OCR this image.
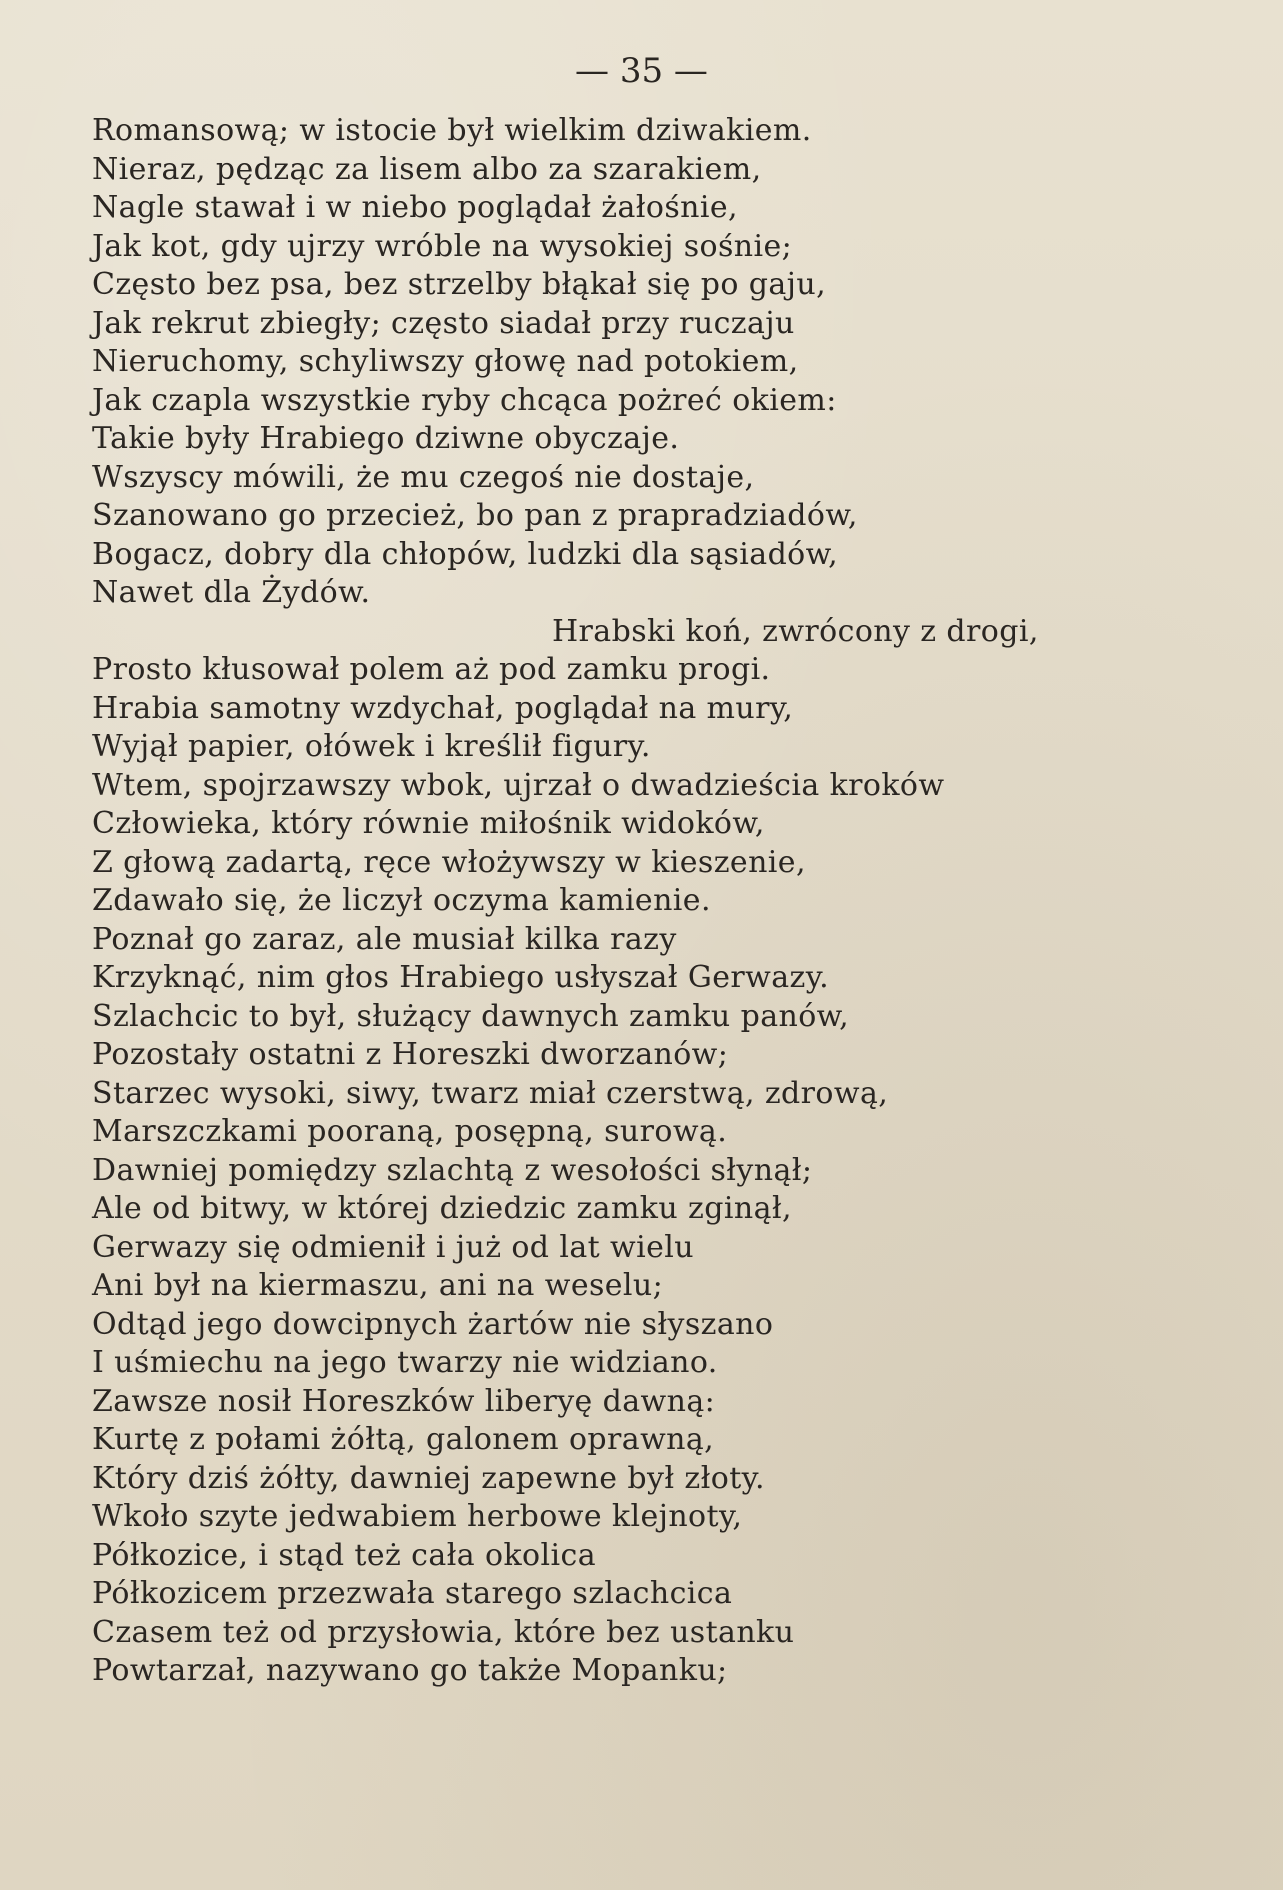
— 35 —
Romansową; w istocie był wielkim dziwakiem.
Nieraz, pędząc za lisem albo za szarakiem,
Nagle stawał i w niebo poglądał żałośnie,
Jak kot, gdy ujrzy wróble na wysokiej sośnie;
Często bez psa, bez strzelby błąkał się po gaju,
Jak rekrut zbiegły; często siadał przy ruczaju
Nieruchomy, schyliwszy głowę nad potokiem,
Jak czapla wszystkie ryby chcąca pożreć okiem:
Takie były Hrabiego dziwne obyczaje.
Wszyscy mówili, że mu czegoś nie dostaje,
Szanowano go przecież, bo pan z prapradziadów,
Bogacz, dobry dla chłopów, ludzki dla sąsiadów,
Nawet dla Żydów.
Hrabski koń, zwrócony z drogi,
Prosto kłusował polem aż pod zamku progi.
Hrabia samotny wzdychał, poglądał na mury,
Wyjął papier, ołówek i kreślił figury.
Wtem, spojrzawszy wbok, ujrzał o dwadzieścia kroków
Człowieka, który równie miłośnik widoków,
Z głową zadartą, ręce włożywszy w kieszenie,
Zdawało się, że liczył oczyma kamienie.
Poznał go zaraz, ale musiał kilka razy
Krzyknąć, nim głos Hrabiego usłyszał Gerwazy.
Szlachcic to był, służący dawnych zamku panów,
Pozostały ostatni z Horeszki dworzanów;
Starzec wysoki, siwy, twarz miał czerstwą, zdrową,
Marszczkami pooraną, posępną, surową.
Dawniej pomiędzy szlachtą z wesołości słynął;
Ale od bitwy, w której dziedzic zamku zginął,
Gerwazy się odmienił i już od lat wielu
Ani był na kiermaszu, ani na weselu;
Odtąd jego dowcipnych żartów nie słyszano
I uśmiechu na jego twarzy nie widziano.
Zawsze nosił Horeszków liberyę dawną:
Kurtę z połami żółtą, galonem oprawną,
Który dziś żółty, dawniej zapewne był złoty.
Wkoło szyte jedwabiem herbowe klejnoty,
Półkozice, i stąd też cała okolica
Półkozicem przezwała starego szlachcica
Czasem też od przysłowia, które bez ustanku
Powtarzał, nazywano go także Mopanku;
